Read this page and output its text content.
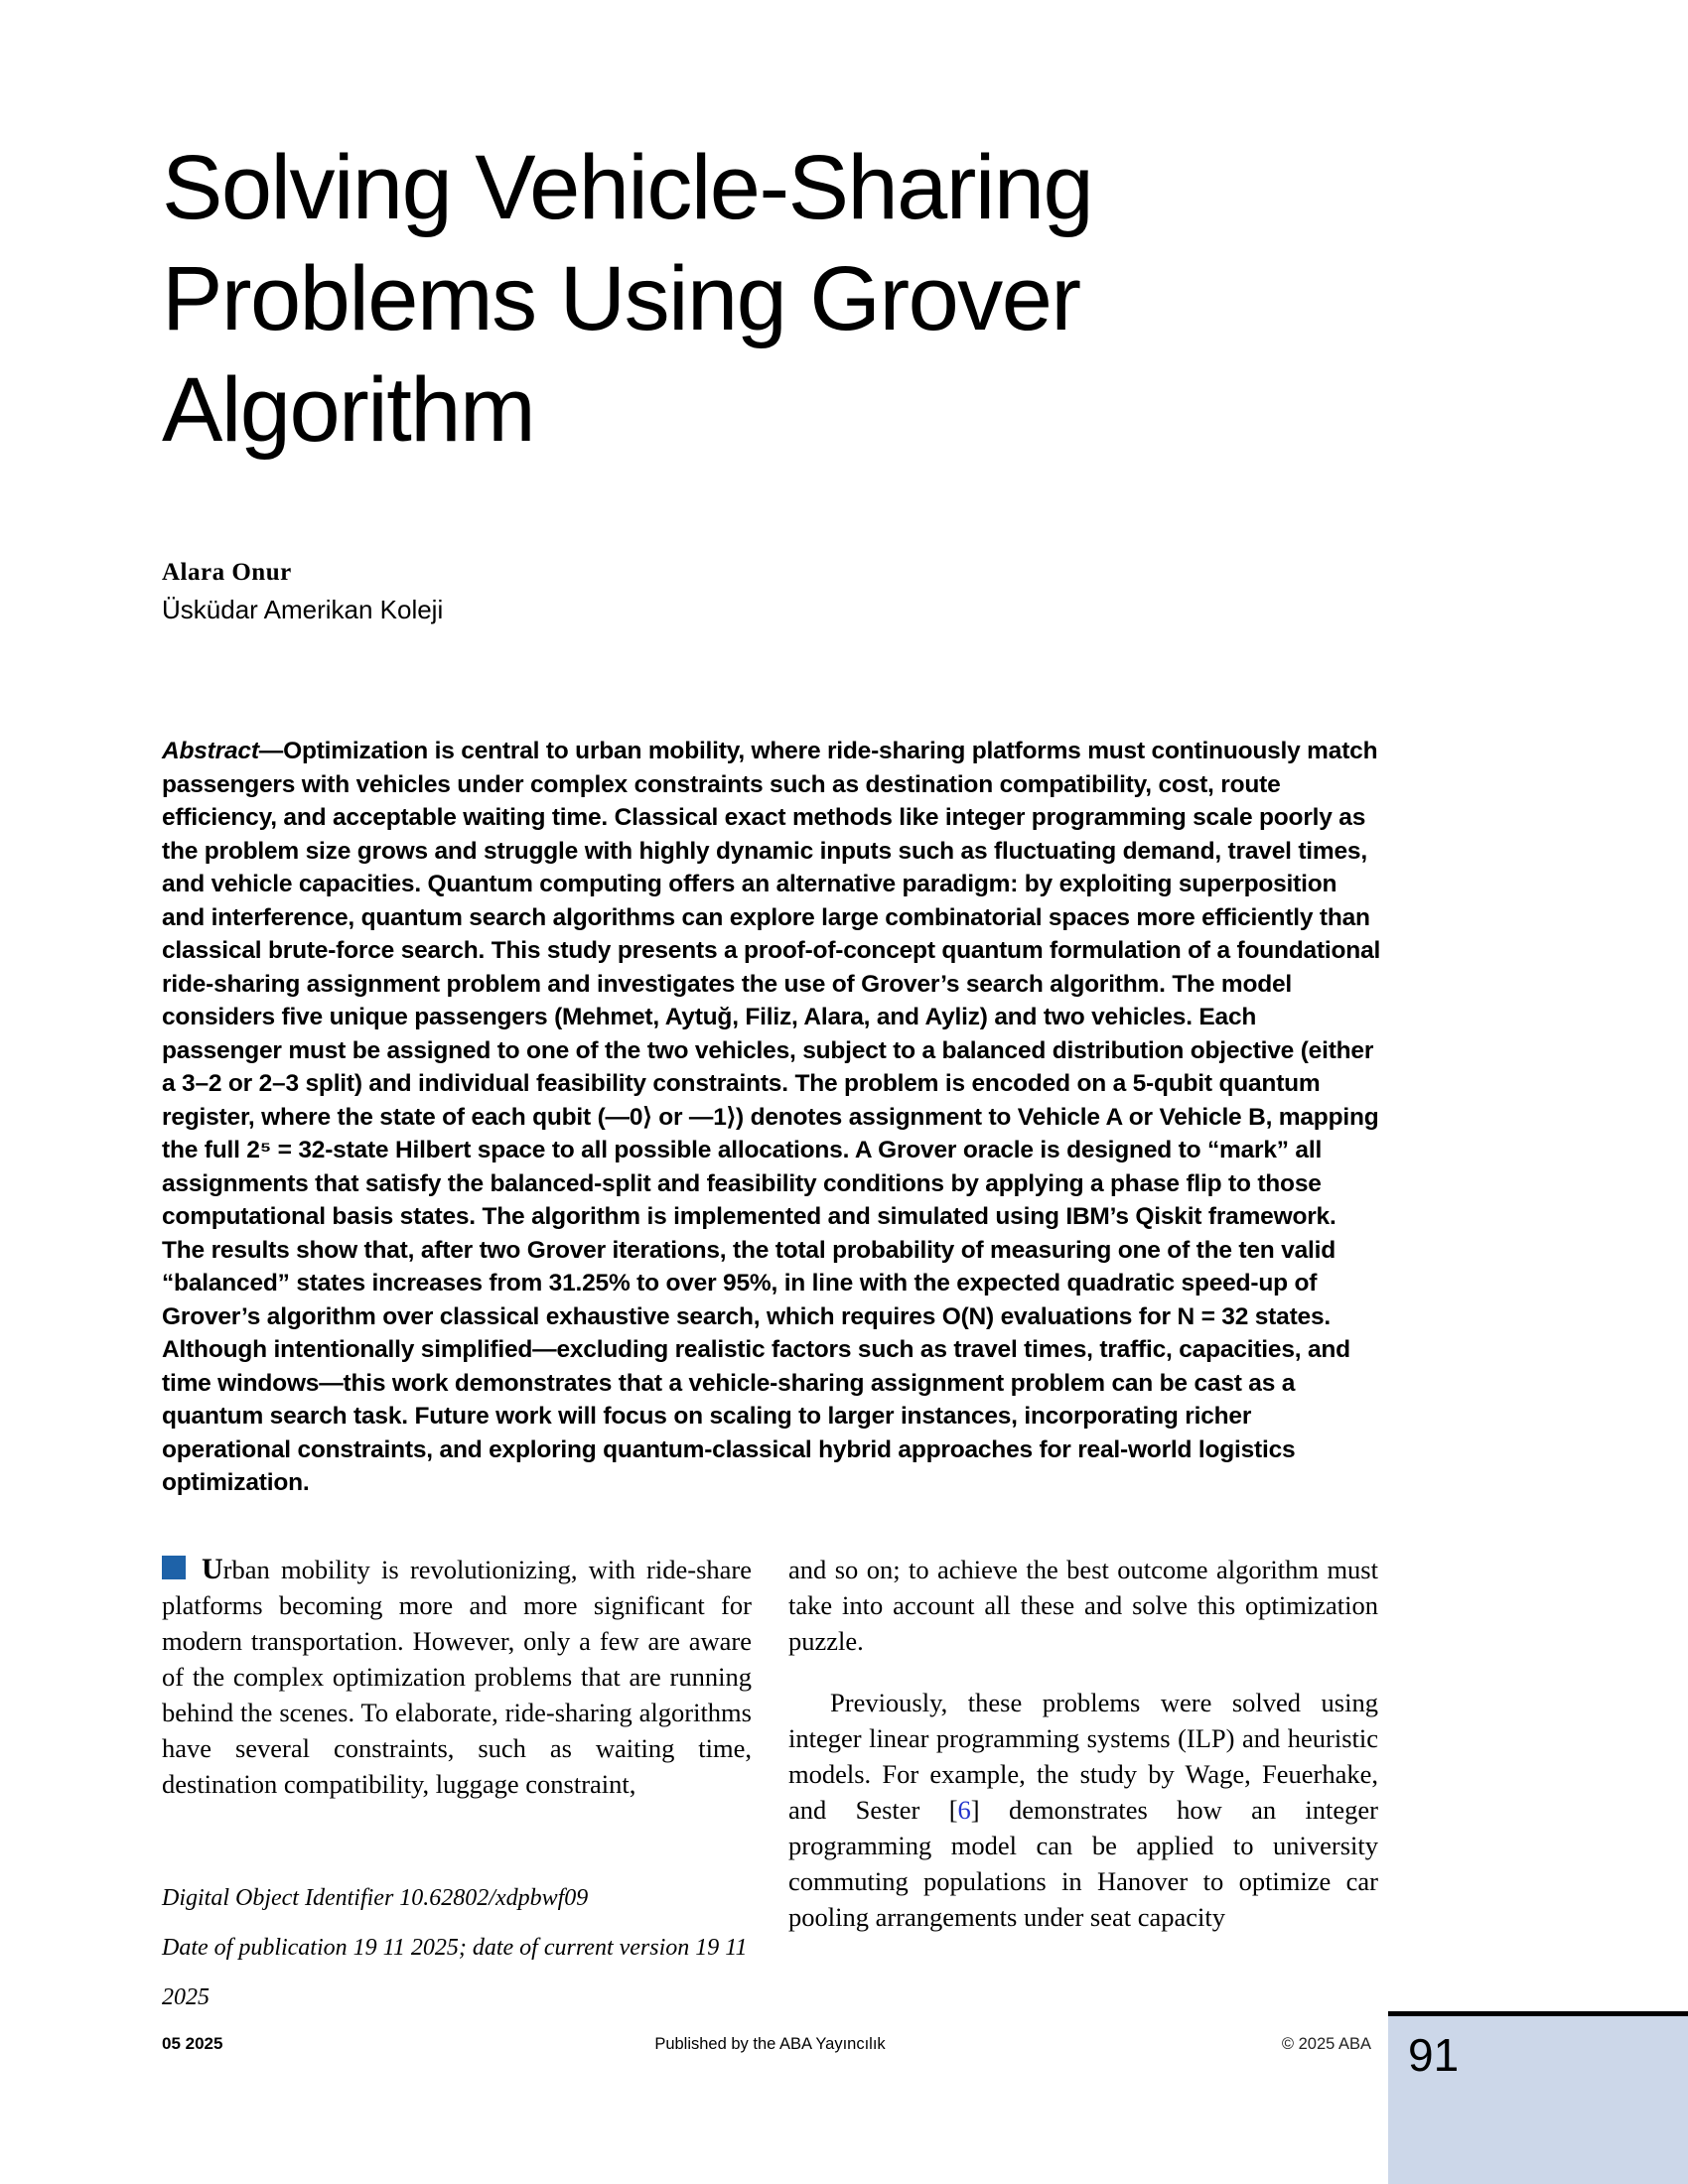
Solving Vehicle-Sharing
Problems Using Grover
Algorithm
Alara Onur
Üsküdar Amerikan Koleji
Abstract—Optimization is central to urban mobility, where ride-sharing platforms must continuously match passengers with vehicles under complex constraints such as destination compatibility, cost, route efficiency, and acceptable waiting time. Classical exact methods like integer programming scale poorly as the problem size grows and struggle with highly dynamic inputs such as fluctuating demand, travel times, and vehicle capacities. Quantum computing offers an alternative paradigm: by exploiting superposition and interference, quantum search algorithms can explore large combinatorial spaces more efficiently than classical brute-force search. This study presents a proof-of-concept quantum formulation of a foundational ride-sharing assignment problem and investigates the use of Grover’s search algorithm. The model considers five unique passengers (Mehmet, Aytuğ, Filiz, Alara, and Ayliz) and two vehicles. Each passenger must be assigned to one of the two vehicles, subject to a balanced distribution objective (either a 3–2 or 2–3 split) and individual feasibility constraints. The problem is encoded on a 5-qubit quantum register, where the state of each qubit (—0⟩ or —1⟩) denotes assignment to Vehicle A or Vehicle B, mapping the full 2⁵ = 32-state Hilbert space to all possible allocations. A Grover oracle is designed to “mark” all assignments that satisfy the balanced-split and feasibility conditions by applying a phase flip to those computational basis states. The algorithm is implemented and simulated using IBM’s Qiskit framework. The results show that, after two Grover iterations, the total probability of measuring one of the ten valid “balanced” states increases from 31.25% to over 95%, in line with the expected quadratic speed-up of Grover’s algorithm over classical exhaustive search, which requires O(N) evaluations for N = 32 states. Although intentionally simplified—excluding realistic factors such as travel times, traffic, capacities, and time windows—this work demonstrates that a vehicle-sharing assignment problem can be cast as a quantum search task. Future work will focus on scaling to larger instances, incorporating richer operational constraints, and exploring quantum-classical hybrid approaches for real-world logistics optimization.

Urban mobility is revolutionizing, with ride-share platforms becoming more and more significant for modern transportation. However, only a few are aware of the complex optimization problems that are running behind the scenes. To elaborate, ride-sharing algorithms have several constraints, such as waiting time, destination compatibility, luggage constraint,

Digital Object Identifier 10.62802/xdpbwf09
Date of publication 19 11 2025; date of current version 19 11 2025

and so on; to achieve the best outcome algorithm must take into account all these and solve this optimization puzzle.

Previously, these problems were solved using integer linear programming systems (ILP) and heuristic models. For example, the study by Wage, Feuerhake, and Sester [6] demonstrates how an integer programming model can be applied to university commuting populations in Hanover to optimize car pooling arrangements under seat capacity

05 2025	Published by the ABA Yayıncılık	© 2025 ABA 91
